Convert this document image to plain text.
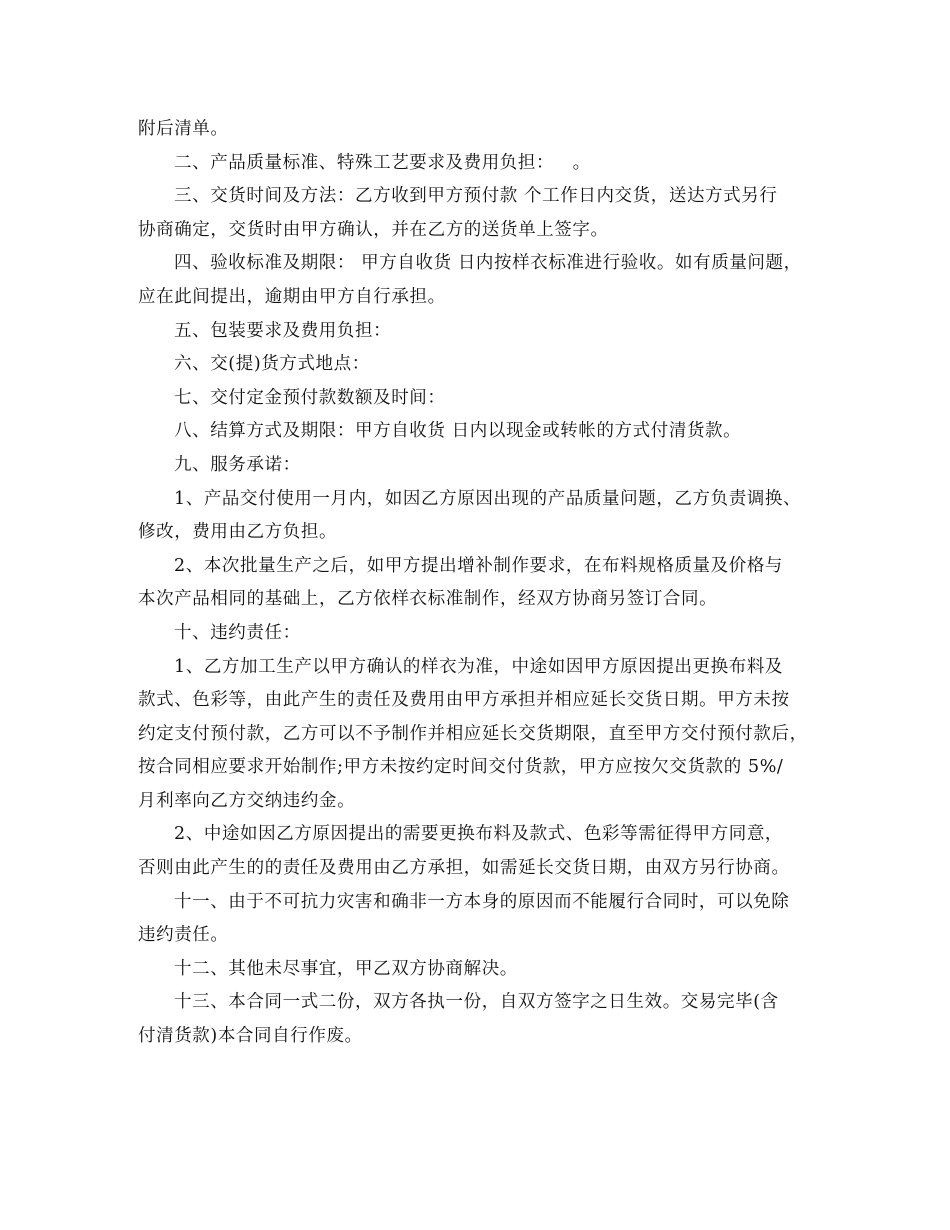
附后清单。
二、产品质量标准、特殊工艺要求及费用负担：   。
三、交货时间及方法：乙方收到甲方预付款 个工作日内交货，送达方式另行
协商确定，交货时由甲方确认，并在乙方的送货单上签字。
四、验收标准及期限： 甲方自收货 日内按样衣标准进行验收。如有质量问题，
应在此间提出，逾期由甲方自行承担。
五、包装要求及费用负担：
六、交(提)货方式地点：
七、交付定金预付款数额及时间：
八、结算方式及期限：甲方自收货 日内以现金或转帐的方式付清货款。
九、服务承诺：
1、产品交付使用一月内，如因乙方原因出现的产品质量问题，乙方负责调换、
修改，费用由乙方负担。
2、本次批量生产之后，如甲方提出增补制作要求，在布料规格质量及价格与
本次产品相同的基础上，乙方依样衣标准制作，经双方协商另签订合同。
十、违约责任：
1、乙方加工生产以甲方确认的样衣为准，中途如因甲方原因提出更换布料及
款式、色彩等，由此产生的责任及费用由甲方承担并相应延长交货日期。甲方未按
约定支付预付款，乙方可以不予制作并相应延长交货期限，直至甲方交付预付款后，
按合同相应要求开始制作;甲方未按约定时间交付货款，甲方应按欠交货款的 5%/
月利率向乙方交纳违约金。
2、中途如因乙方原因提出的需要更换布料及款式、色彩等需征得甲方同意，
否则由此产生的的责任及费用由乙方承担，如需延长交货日期，由双方另行协商。
十一、由于不可抗力灾害和确非一方本身的原因而不能履行合同时，可以免除
违约责任。
十二、其他未尽事宜，甲乙双方协商解决。
十三、本合同一式二份，双方各执一份，自双方签字之日生效。交易完毕(含
付清货款)本合同自行作废。
